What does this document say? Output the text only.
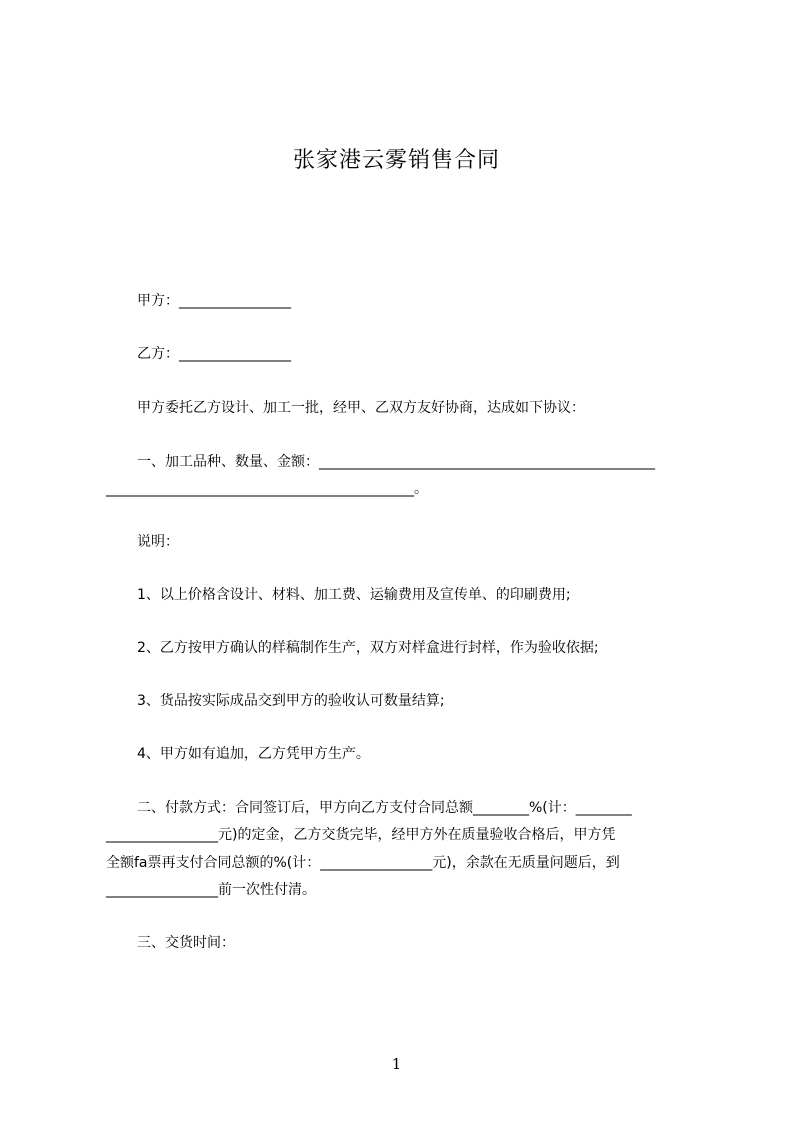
张家港云雾销售合同
甲方：________________
乙方：________________
甲方委托乙方设计、加工一批，经甲、乙双方友好协商，达成如下协议：
一、加工品种、数量、金额：________________________________________________
____________________________________________。
说明：
1、以上价格含设计、材料、加工费、运输费用及宣传单、的印刷费用;
2、乙方按甲方确认的样稿制作生产，双方对样盒进行封样，作为验收依据;
3、货品按实际成品交到甲方的验收认可数量结算;
4、甲方如有追加，乙方凭甲方生产。
二、付款方式：合同签订后，甲方向乙方支付合同总额________%(计：________
________________元)的定金，乙方交货完毕，经甲方外在质量验收合格后，甲方凭
全额fa票再支付合同总额的%(计：________________元)，余款在无质量问题后，到
________________前一次性付清。
三、交货时间：
1
